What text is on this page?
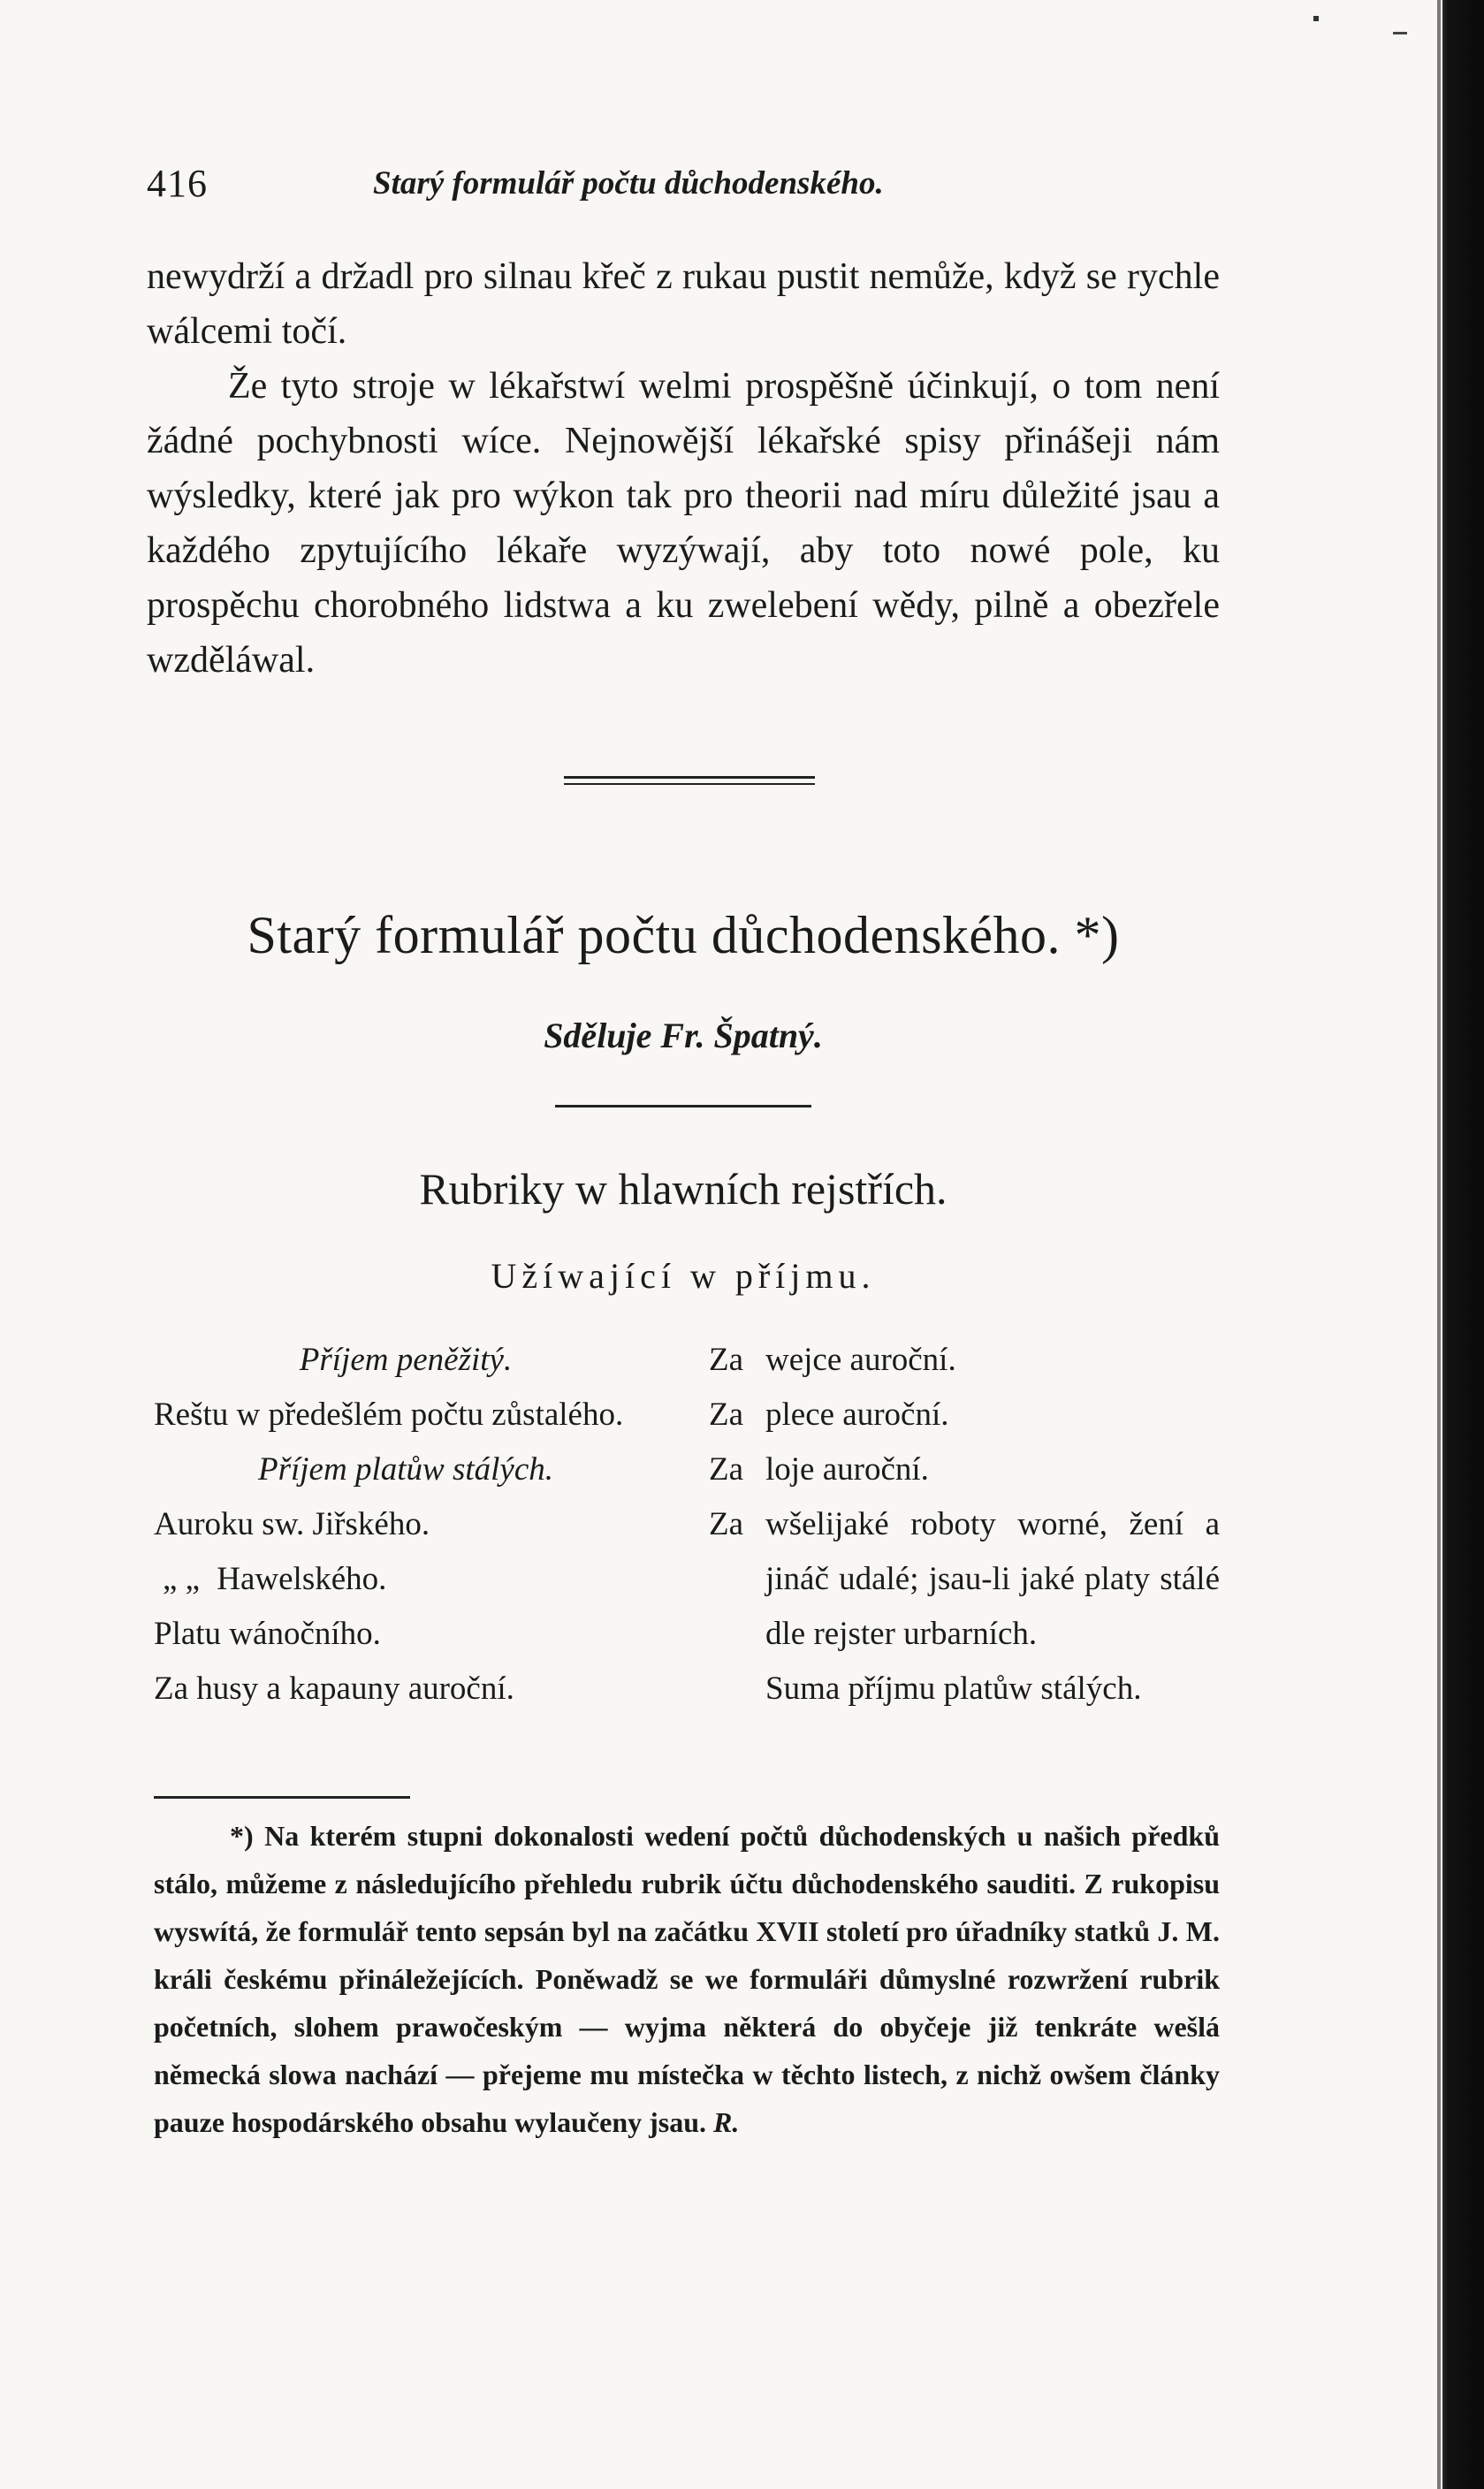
416	Starý formulář počtu důchodenského.

newydrží a držadl pro silnau křeč z rukau pustit nemůže, když se rychle wálcemi točí.

Že tyto stroje w lékařstwí welmi prospěšně účinkují, o tom není žádné pochybnosti wíce. Nejnowější lékařské spisy přinášeji nám wýsledky, které jak pro wýkon tak pro theorii nad míru důležité jsau a každého zpytujícího lékaře wyzýwají, aby toto nowé pole, ku prospěchu chorobného lidstwa a ku zwelebení wědy, pilně a obezřele wzděláwal.

Starý formulář počtu důchodenského. *)
Sděluje Fr. Špatný.
Rubriky w hlawních rejstřích.
Užíwající w příjmu.

Příjem peněžitý.

Reštu w předešlém počtu zůstalého.

Příjem platůw stálých.

Auroku sw. Jiřského.

„ „ Hawelského.

Platu wánočního.

Za husy a kapauny auroční.

Za wejce auroční.

Za plece auroční.

Za loje auroční.

Za wšelijaké roboty worné, žení a jináč udalé; jsau-li jaké platy stálé dle rejster urbarních.

Suma příjmu platůw stálých.

*) Na kterém stupni dokonalosti wedení počtů důchodenských u našich předků stálo, můžeme z následujícího přehledu rubrik účtu důchodenského sauditi. Z rukopisu wyswítá, že formulář tento sepsán byl na začátku XVII století pro úřadníky statků J. M. králi českému přináležejících. Poněwadž se we formuláři důmyslné rozwržení rubrik početních, slohem prawočeským — wyjma některá do obyčeje již tenkráte wešlá německá slowa nachází — přejeme mu místečka w těchto listech, z nichž owšem články pauze hospodárského obsahu wylaučeny jsau. R.
